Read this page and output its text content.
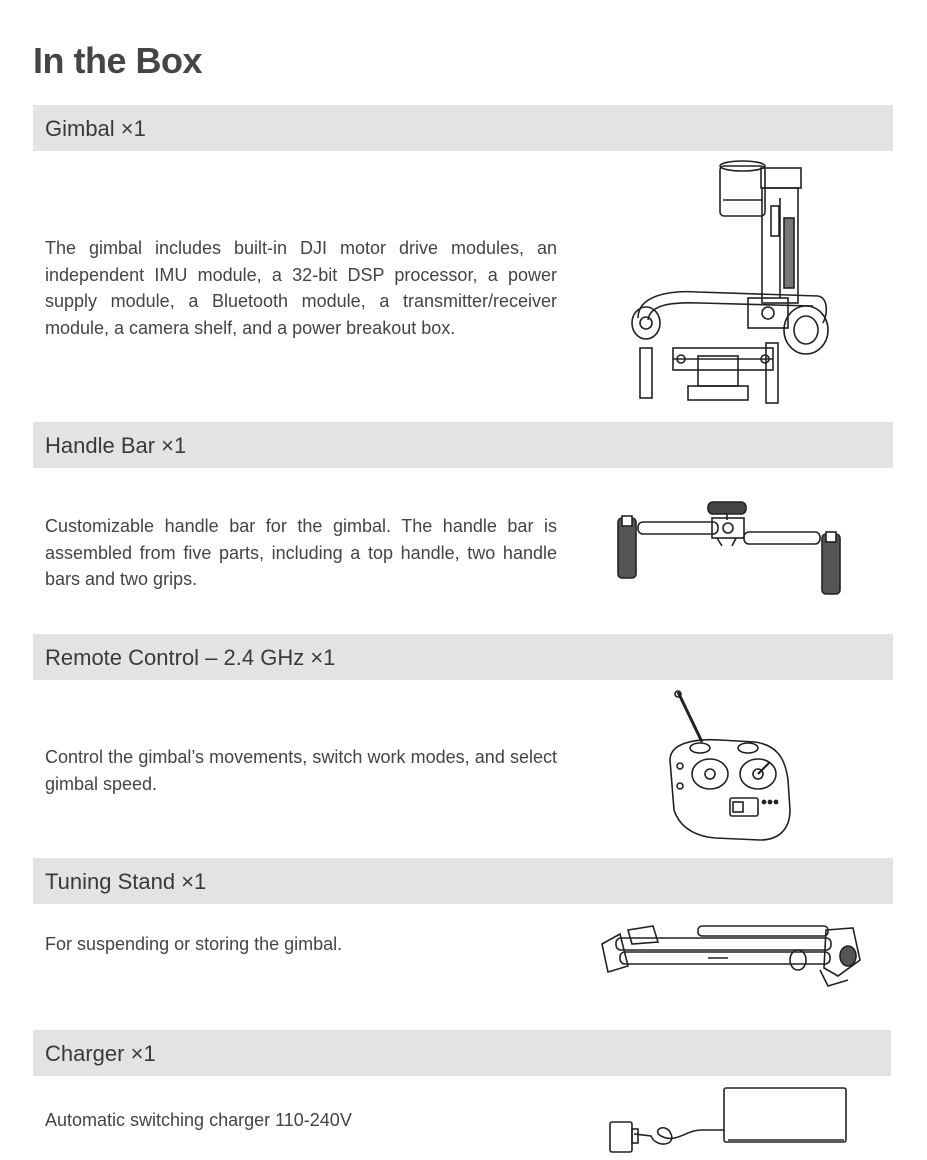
In the Box
Gimbal ×1

The gimbal includes built-in DJI motor drive modules, an independent IMU module, a 32-bit DSP processor, a power supply module, a Bluetooth module, a transmitter/receiver module, a camera shelf, and a power breakout box.

Handle Bar ×1

Customizable handle bar for the gimbal. The handle bar is assembled from five parts, including a top handle, two handle bars and two grips.

Remote Control – 2.4 GHz ×1

Control the gimbal’s movements, switch work modes, and select gimbal speed.

Tuning Stand ×1

For suspending or storing the gimbal.

Charger ×1

Automatic switching charger 110-240V
